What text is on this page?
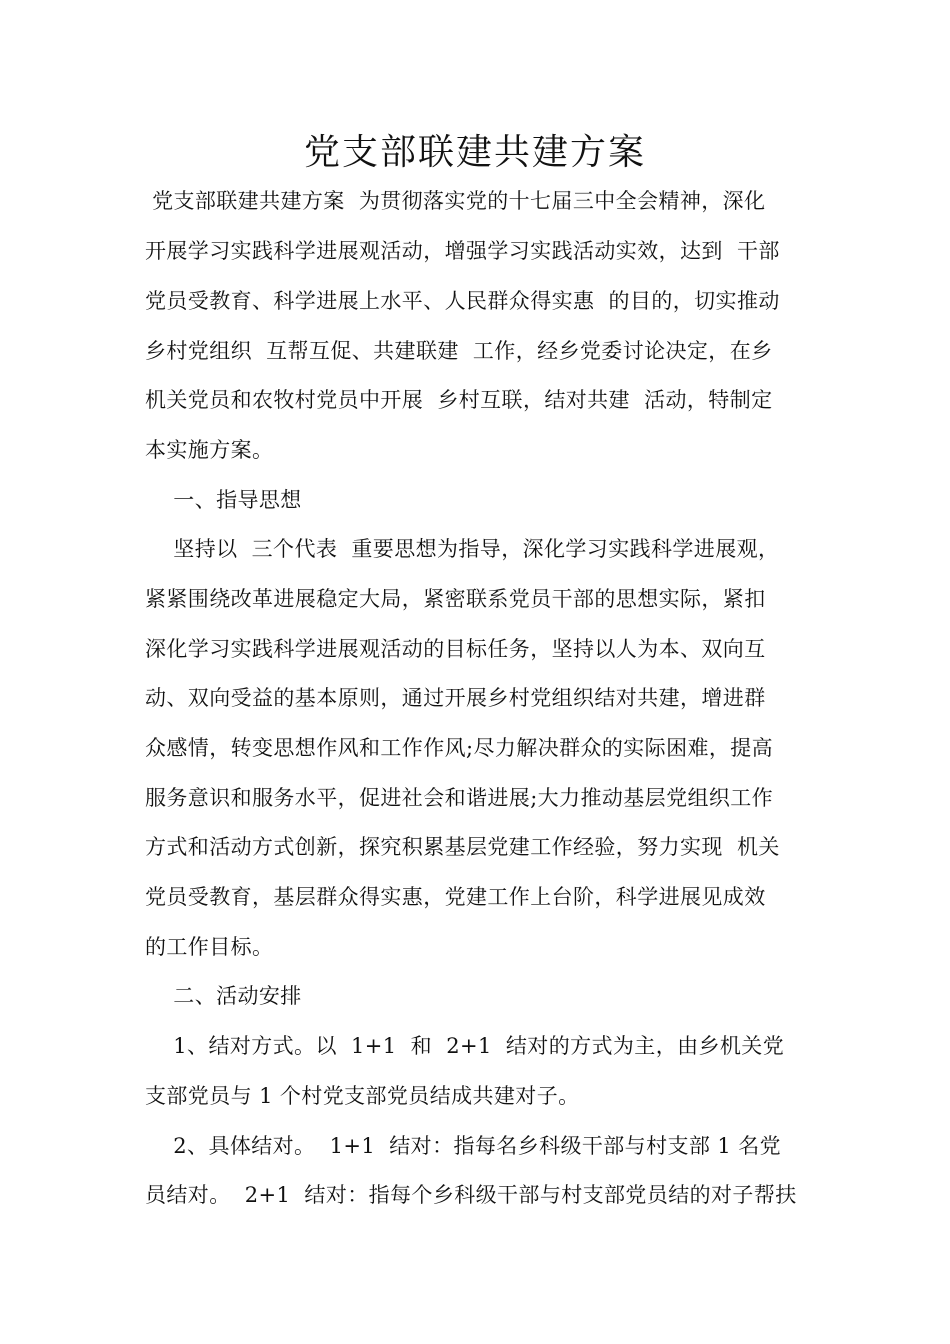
党支部联建共建方案
党支部联建共建方案  为贯彻落实党的十七届三中全会精神，深化
开展学习实践科学进展观活动，增强学习实践活动实效，达到  干部
党员受教育、科学进展上水平、人民群众得实惠  的目的，切实推动
乡村党组织  互帮互促、共建联建  工作，经乡党委讨论决定，在乡
机关党员和农牧村党员中开展  乡村互联，结对共建  活动，特制定
本实施方案。
一、指导思想
坚持以  三个代表  重要思想为指导，深化学习实践科学进展观，
紧紧围绕改革进展稳定大局，紧密联系党员干部的思想实际，紧扣
深化学习实践科学进展观活动的目标任务，坚持以人为本、双向互
动、双向受益的基本原则，通过开展乡村党组织结对共建，增进群
众感情，转变思想作风和工作作风;尽力解决群众的实际困难，提高
服务意识和服务水平，促进社会和谐进展;大力推动基层党组织工作
方式和活动方式创新，探究积累基层党建工作经验，努力实现  机关
党员受教育，基层群众得实惠，党建工作上台阶，科学进展见成效
的工作目标。
二、活动安排
1、结对方式。以  1+1  和  2+1  结对的方式为主，由乡机关党
支部党员与 1 个村党支部党员结成共建对子。
2、具体结对。  1+1  结对：指每名乡科级干部与村支部 1 名党
员结对。  2+1  结对：指每个乡科级干部与村支部党员结的对子帮扶
